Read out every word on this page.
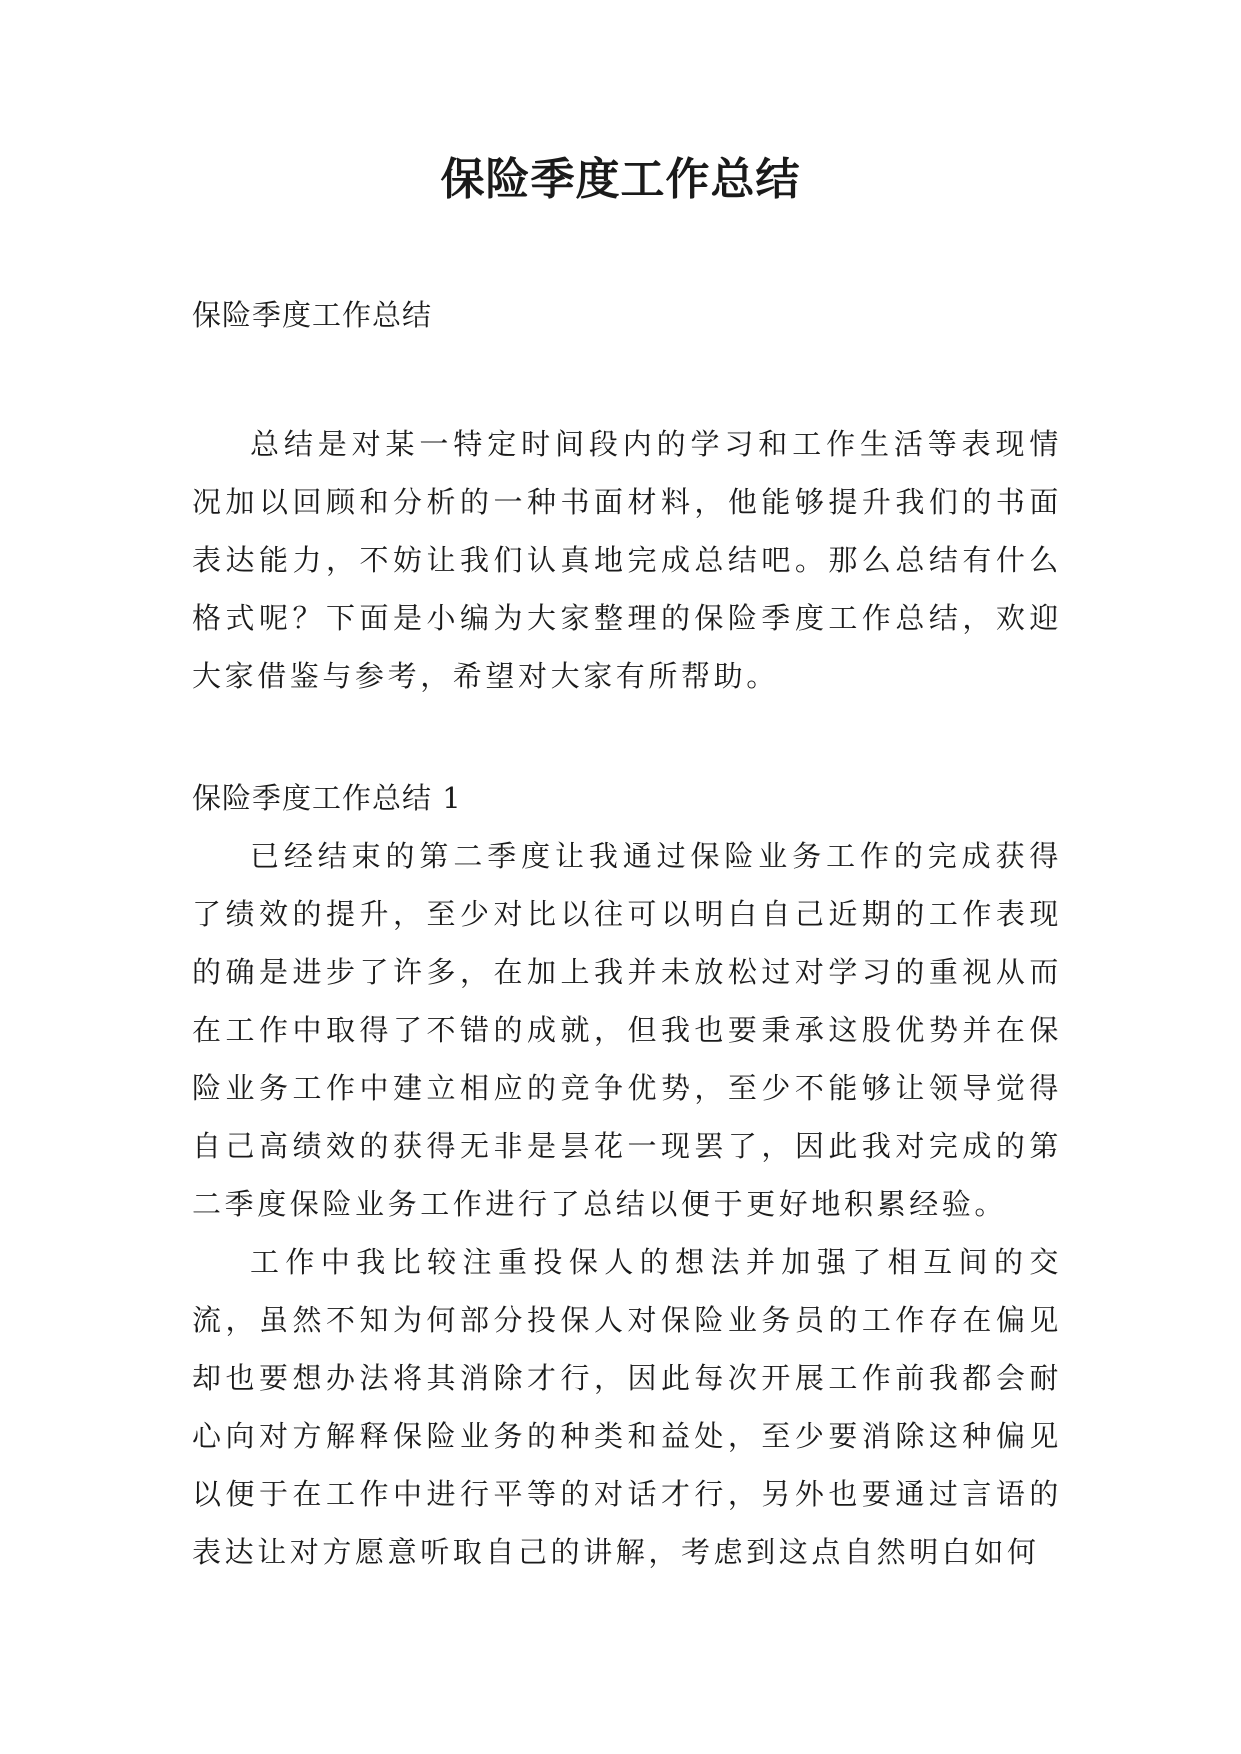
保险季度工作总结

保险季度工作总结

总结是对某一特定时间段内的学习和工作生活等表现情况加以回顾和分析的一种书面材料，他能够提升我们的书面表达能力，不妨让我们认真地完成总结吧。那么总结有什么格式呢？下面是小编为大家整理的保险季度工作总结，欢迎大家借鉴与参考，希望对大家有所帮助。

保险季度工作总结 1

已经结束的第二季度让我通过保险业务工作的完成获得了绩效的提升，至少对比以往可以明白自己近期的工作表现的确是进步了许多，在加上我并未放松过对学习的重视从而在工作中取得了不错的成就，但我也要秉承这股优势并在保险业务工作中建立相应的竞争优势，至少不能够让领导觉得自己高绩效的获得无非是昙花一现罢了，因此我对完成的第二季度保险业务工作进行了总结以便于更好地积累经验。

工作中我比较注重投保人的想法并加强了相互间的交流，虽然不知为何部分投保人对保险业务员的工作存在偏见却也要想办法将其消除才行，因此每次开展工作前我都会耐心向对方解释保险业务的种类和益处，至少要消除这种偏见以便于在工作中进行平等的对话才行，另外也要通过言语的表达让对方愿意听取自己的讲解，考虑到这点自然明白如何
